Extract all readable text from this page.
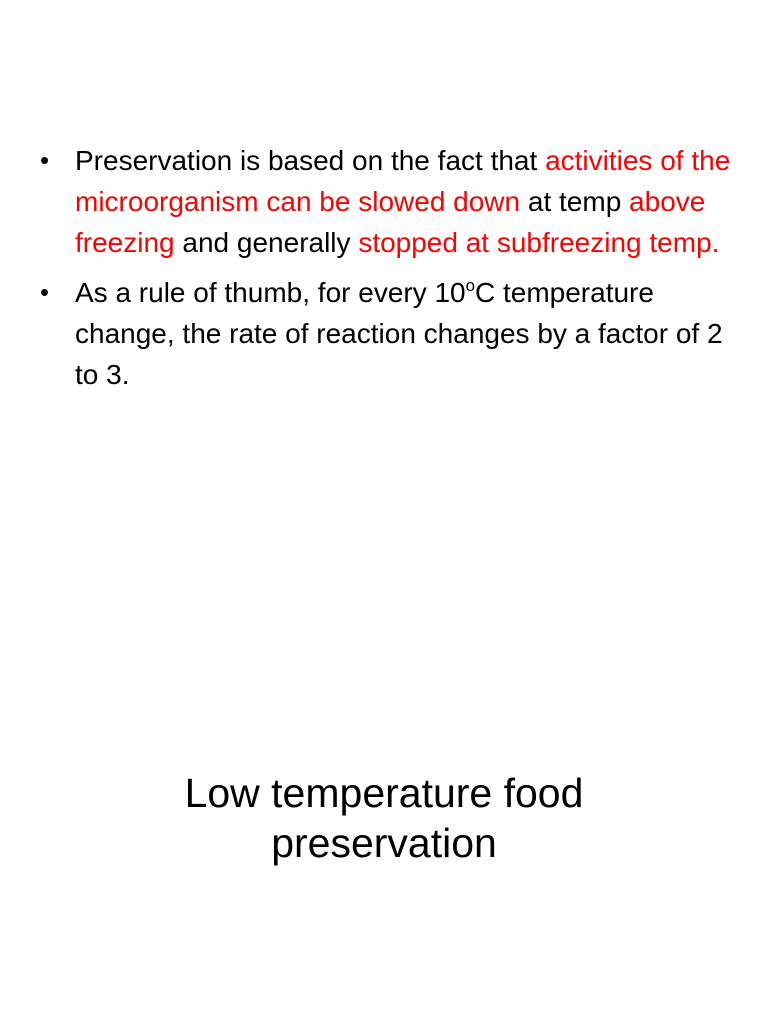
• Preservation is based on the fact that activities of the microorganism can be slowed down at temp above freezing and generally stopped at subfreezing temp.
• As a rule of thumb, for every 10$^o$C temperature change, the rate of reaction changes by a factor of 2 to 3.
Low temperature food
preservation
